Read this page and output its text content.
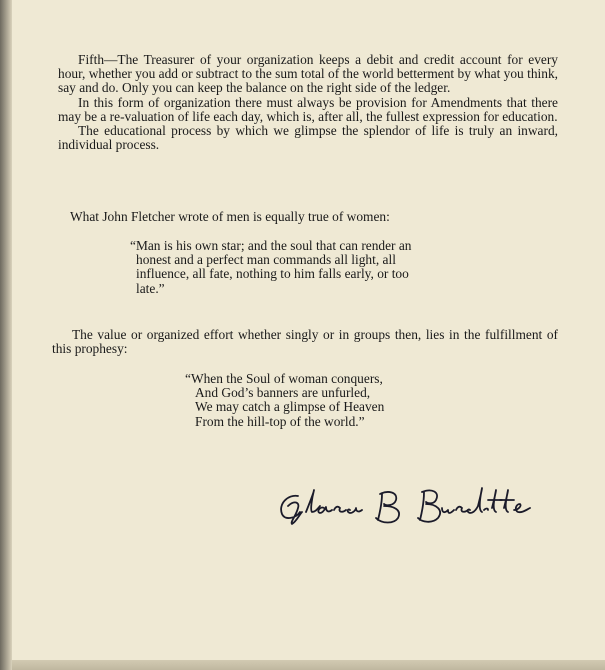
Fifth—The Treasurer of your organization keeps a debit and credit account for every hour, whether you add or subtract to the sum total of the world betterment by what you think, say and do. Only you can keep the balance on the right side of the ledger.

In this form of organization there must always be provision for Amendments that there may be a re-valuation of life each day, which is, after all, the fullest expression for education.

The educational process by which we glimpse the splendor of life is truly an inward, individual process.

What John Fletcher wrote of men is equally true of women:

“Man is his own star; and the soul that can render an
honest and a perfect man commands all light, all
influence, all fate, nothing to him falls early, or too
late.”

The value or organized effort whether singly or in groups then, lies in the fulfillment of this prophesy:

“When the Soul of woman conquers,
And God’s banners are unfurled,
We may catch a glimpse of Heaven
From the hill-top of the world.”
